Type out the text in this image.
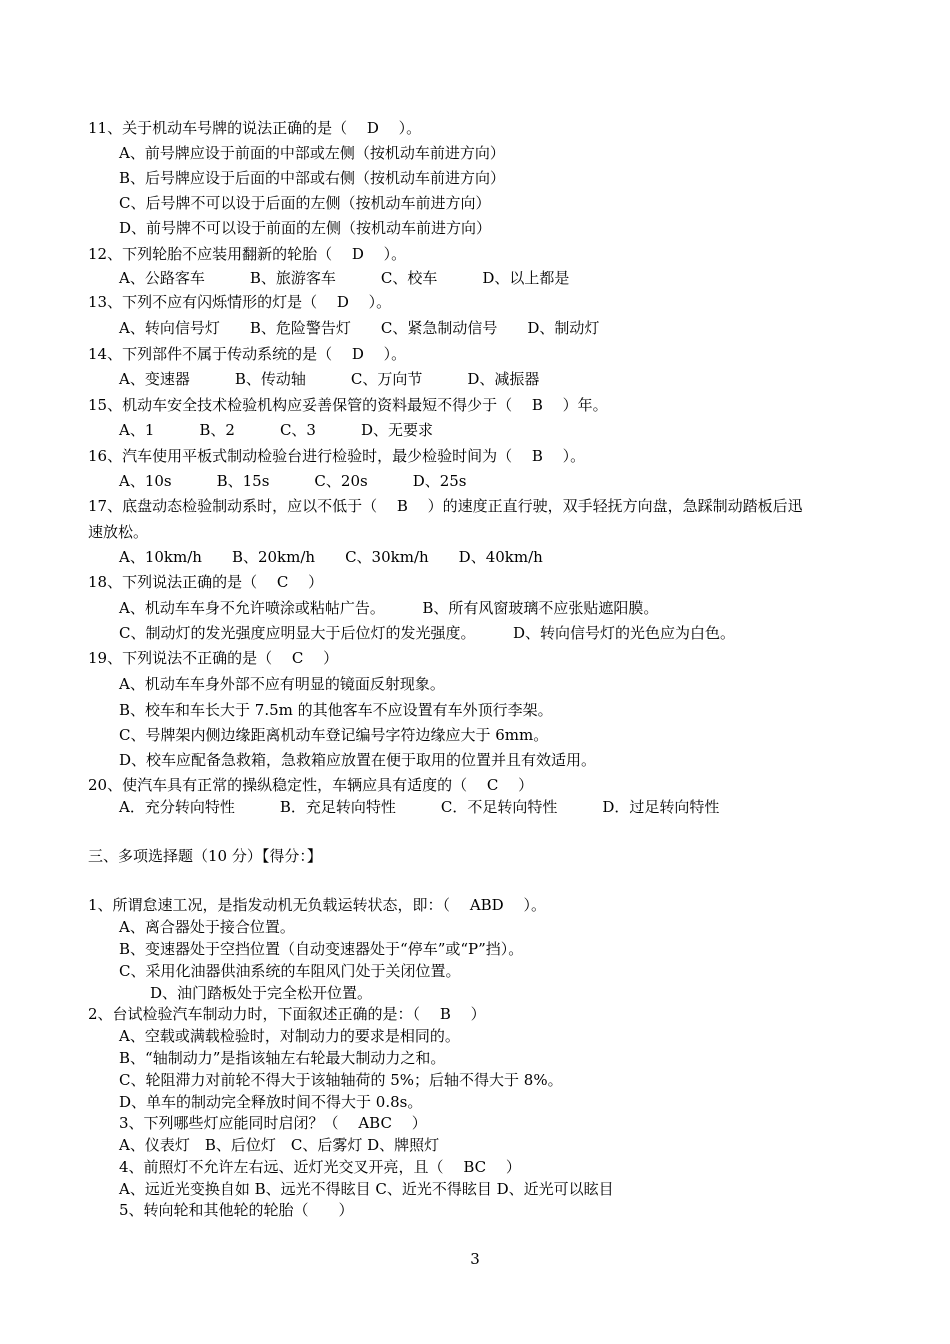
11、关于机动车号牌的说法正确的是（　 D　 ）。
A、前号牌应设于前面的中部或左侧（按机动车前进方向）
B、后号牌应设于后面的中部或右侧（按机动车前进方向）
C、后号牌不可以设于后面的左侧（按机动车前进方向）
D、前号牌不可以设于前面的左侧（按机动车前进方向）
12、下列轮胎不应装用翻新的轮胎（　 D　 ）。
A、公路客车　　　B、旅游客车　　　C、校车　　　D、以上都是
13、下列不应有闪烁情形的灯是（　 D　 ）。
A、转向信号灯　　B、危险警告灯　　C、紧急制动信号　　D、制动灯
14、下列部件不属于传动系统的是（　 D　 ）。
A、变速器　　　B、传动轴　　　C、万向节　　　D、减振器
15、机动车安全技术检验机构应妥善保管的资料最短不得少于（　 B　 ）年。
A、1　　　B、2　　　C、3　　　D、无要求
16、汽车使用平板式制动检验台进行检验时，最少检验时间为（　 B　 ）。
A、10s　　　B、15s　　　C、20s　　　D、25s
17、底盘动态检验制动系时，应以不低于（　 B　 ）的速度正直行驶，双手轻抚方向盘，急踩制动踏板后迅
速放松。
A、10km/h　　B、20km/h　　C、30km/h　　D、40km/h
18、下列说法正确的是（　 C　 ）
A、机动车车身不允许喷涂或粘帖广告。　　　B、所有风窗玻璃不应张贴遮阳膜。
C、制动灯的发光强度应明显大于后位灯的发光强度。　　　D、转向信号灯的光色应为白色。
19、下列说法不正确的是（　 C　 ）
A、机动车车身外部不应有明显的镜面反射现象。
B、校车和车长大于 7.5m 的其他客车不应设置有车外顶行李架。
C、号牌架内侧边缘距离机动车登记编号字符边缘应大于 6mm。
D、校车应配备急救箱，急救箱应放置在便于取用的位置并且有效适用。
20、使汽车具有正常的操纵稳定性，车辆应具有适度的（　 C　 ）
A．充分转向特性　　　B．充足转向特性　　　C．不足转向特性　　　D．过足转向特性
三、多项选择题（10 分）【得分：】
1、所谓怠速工况，是指发动机无负载运转状态，即：（　 ABD　 ）。
A、离合器处于接合位置。
B、变速器处于空挡位置（自动变速器处于“停车”或“P”挡）。
C、采用化油器供油系统的车阻风门处于关闭位置。
D、油门踏板处于完全松开位置。
2、台试检验汽车制动力时，下面叙述正确的是：（　 B　 ）
A、空载或满载检验时，对制动力的要求是相同的。
B、“轴制动力”是指该轴左右轮最大制动力之和。
C、轮阻滞力对前轮不得大于该轴轴荷的 5%；后轴不得大于 8%。
D、单车的制动完全释放时间不得大于 0.8s。
3、下列哪些灯应能同时启闭？（　 ABC　 ）
A、仪表灯　B、后位灯　C、后雾灯 D、牌照灯
4、前照灯不允许左右远、近灯光交叉开亮，且（　 BC　 ）
A、远近光变换自如 B、远光不得眩目 C、近光不得眩目 D、近光可以眩目
5、转向轮和其他轮的轮胎（　　）
3
